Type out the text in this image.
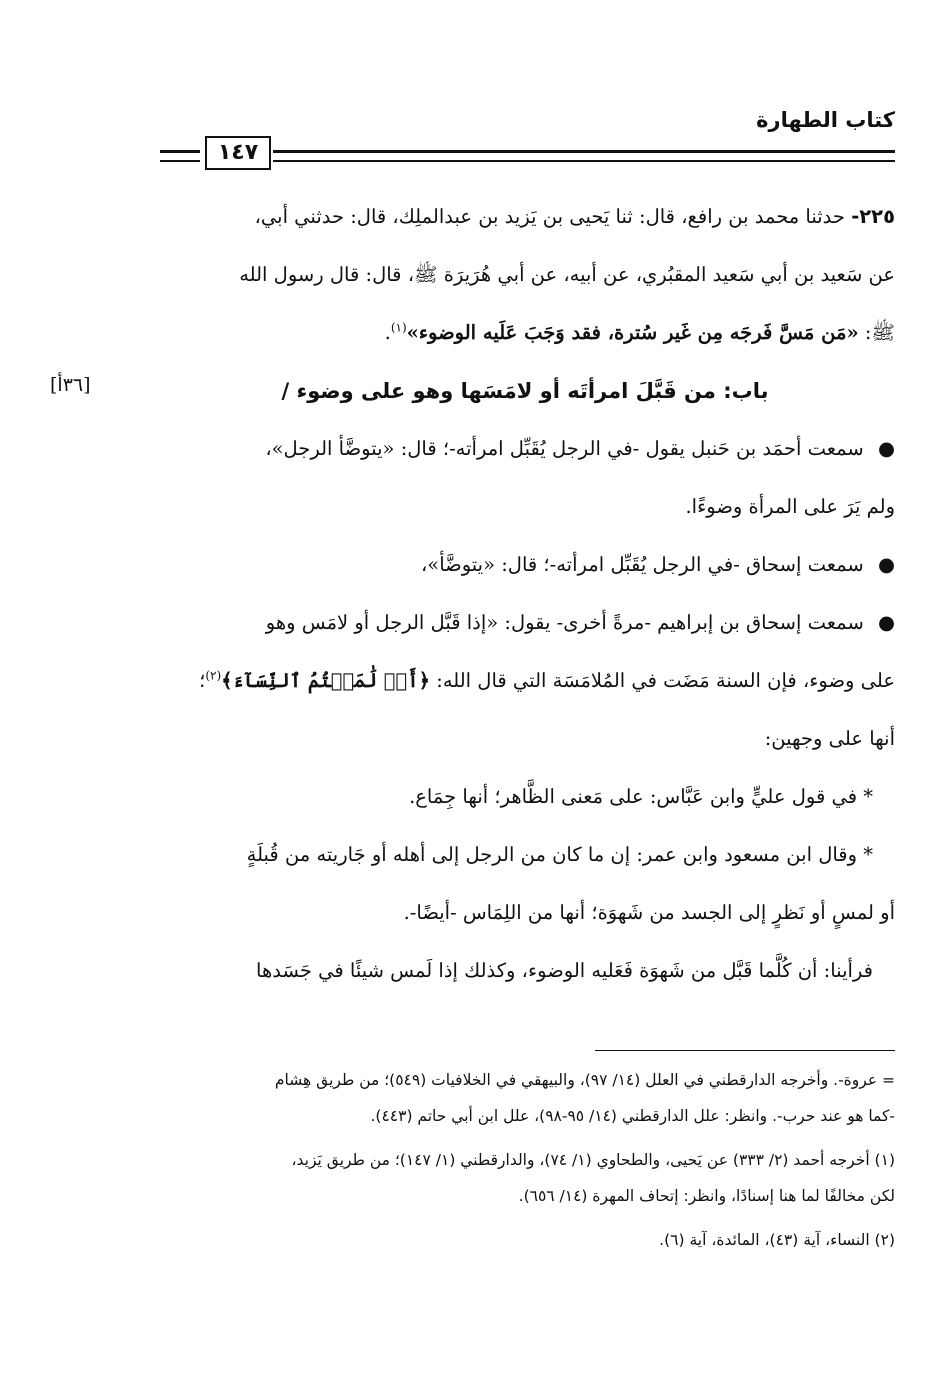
كتاب الطهارة
١٤٧
[٣٦أ]
٢٢٥- حدثنا محمد بن رافع، قال: ثنا يَحيى بن يَزيد بن عبدالملِك، قال: حدثني أبي،
عن سَعيد بن أبي سَعيد المقبُري، عن أبيه، عن أبي هُرَيرَة ﷺ، قال: قال رسول الله
ﷺ: «مَن مَسَّ فَرجَه مِن غَير سُترة، فقد وَجَبَ عَلَيه الوضوء»$^{(١)}$.
باب: من قَبَّلَ امرأتَه أو لامَسَها وهو على وضوء /
● سمعت أحمَد بن حَنبل يقول -في الرجل يُقَبِّل امرأته-؛ قال: «يتوضَّأ الرجل»،
ولم يَرَ على المرأة وضوءًا.
● سمعت إسحاق -في الرجل يُقَبِّل امرأته-؛ قال: «يتوضَّأ»،
● سمعت إسحاق بن إبراهيم -مرةً أخرى- يقول: «إذا قَبَّل الرجل أو لامَس وهو
على وضوء، فإن السنة مَضَت في المُلامَسَة التي قال الله: ﴿أَوۡ لَٰمَسۡتُمُ ٱلنِّسَآءَ﴾$^{(٢)}$؛
أنها على وجهين:
* في قول عليٍّ وابن عَبَّاس: على مَعنى الظَّاهر؛ أنها جِمَاع.
* وقال ابن مسعود وابن عمر: إن ما كان من الرجل إلى أهله أو جَاريته من قُبلَةٍ
أو لمسٍ أو نَظرٍ إلى الجسد من شَهوَة؛ أنها من اللِمَاس -أيضًا-.
فرأينا: أن كُلَّما قَبَّل من شَهوَة فَعَليه الوضوء، وكذلك إذا لَمس شيئًا في جَسَدها
= عروة-. وأخرجه الدارقطني في العلل (١٤/ ٩٧)، والبيهقي في الخلافيات (٥٤٩)؛ من طريق هِشام
-كما هو عند حرب-. وانظر: علل الدارقطني (١٤/ ٩٥-٩٨)، علل ابن أبي حاتم (٤٤٣).
(١) أخرجه أحمد (٢/ ٣٣٣) عن يَحيى، والطحاوي (١/ ٧٤)، والدارقطني (١/ ١٤٧)؛ من طريق يَزيد،
لكن مخالفًا لما هنا إسنادًا، وانظر: إتحاف المهرة (١٤/ ٦٥٦).
(٢) النساء، آية (٤٣)، المائدة، آية (٦).
